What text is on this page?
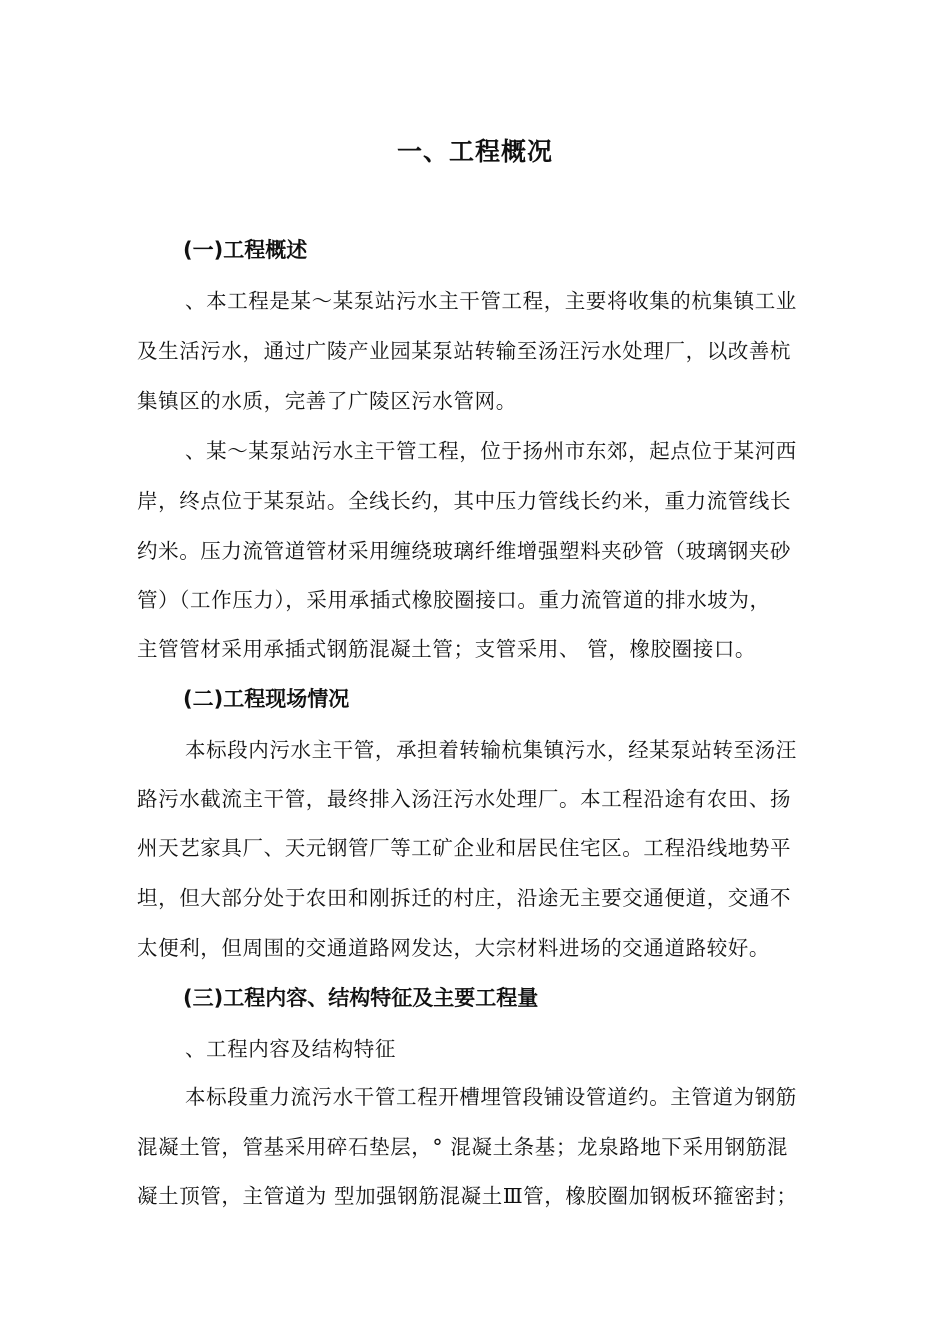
一、工程概况
(一)工程概述
、本工程是某～某泵站污水主干管工程，主要将收集的杭集镇工业
及生活污水，通过广陵产业园某泵站转输至汤汪污水处理厂，以改善杭
集镇区的水质，完善了广陵区污水管网。
、某～某泵站污水主干管工程，位于扬州市东郊，起点位于某河西
岸，终点位于某泵站。全线长约，其中压力管线长约米，重力流管线长
约米。压力流管道管材采用缠绕玻璃纤维增强塑料夹砂管（玻璃钢夹砂
管）（工作压力），采用承插式橡胶圈接口。重力流管道的排水坡为，
主管管材采用承插式钢筋混凝土管；支管采用、 管，橡胶圈接口。
(二)工程现场情况
本标段内污水主干管，承担着转输杭集镇污水，经某泵站转至汤汪
路污水截流主干管，最终排入汤汪污水处理厂。本工程沿途有农田、扬
州天艺家具厂、天元钢管厂等工矿企业和居民住宅区。工程沿线地势平
坦，但大部分处于农田和刚拆迁的村庄，沿途无主要交通便道，交通不
太便利，但周围的交通道路网发达，大宗材料进场的交通道路较好。
(三)工程内容、结构特征及主要工程量
、工程内容及结构特征
本标段重力流污水干管工程开槽埋管段铺设管道约。主管道为钢筋
混凝土管，管基采用碎石垫层，° 混凝土条基；龙泉路地下采用钢筋混
凝土顶管，主管道为 型加强钢筋混凝土Ⅲ管，橡胶圈加钢板环箍密封；
